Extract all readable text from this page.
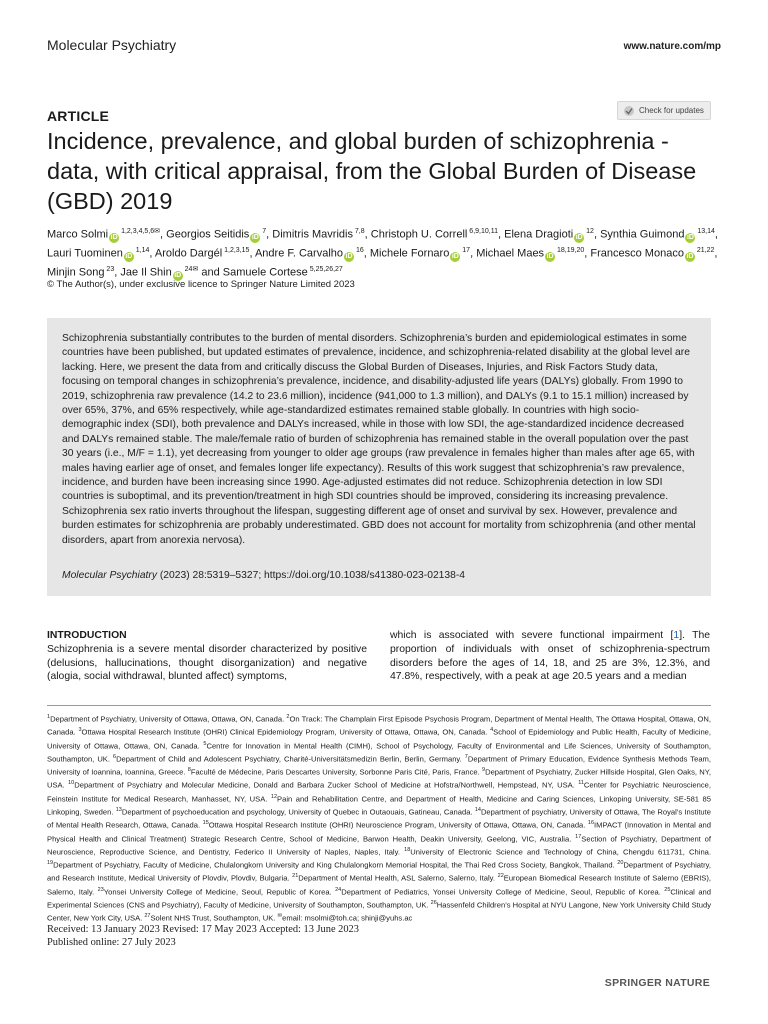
Molecular Psychiatry	www.nature.com/mp
ARTICLE	Check for updates
Incidence, prevalence, and global burden of schizophrenia - data, with critical appraisal, from the Global Burden of Disease (GBD) 2019
Marco Solmi iD $^{1,2,3,4,5,6✉}$, Georgios Seitidis iD $^7$, Dimitris Mavridis $^{7,8}$, Christoph U. Correll $^{6,9,10,11}$, Elena Dragioti iD $^{12}$, Synthia Guimond iD $^{13,14}$, Lauri Tuominen iD $^{1,14}$, Aroldo Dargél $^{1,2,3,15}$, Andre F. Carvalho iD $^{16}$, Michele Fornaro iD $^{17}$, Michael Maes iD $^{18,19,20}$, Francesco Monaco iD $^{21,22}$, Minjin Song $^{23}$, Jae Il Shin iD $^{24✉}$ and Samuele Cortese $^{5,25,26,27}$
© The Author(s), under exclusive licence to Springer Nature Limited 2023
Schizophrenia substantially contributes to the burden of mental disorders. Schizophrenia’s burden and epidemiological estimates in some countries have been published, but updated estimates of prevalence, incidence, and schizophrenia-related disability at the global level are lacking. Here, we present the data from and critically discuss the Global Burden of Diseases, Injuries, and Risk Factors Study data, focusing on temporal changes in schizophrenia’s prevalence, incidence, and disability-adjusted life years (DALYs) globally. From 1990 to 2019, schizophrenia raw prevalence (14.2 to 23.6 million), incidence (941,000 to 1.3 million), and DALYs (9.1 to 15.1 million) increased by over 65%, 37%, and 65% respectively, while age-standardized estimates remained stable globally. In countries with high socio-demographic index (SDI), both prevalence and DALYs increased, while in those with low SDI, the age-standardized incidence decreased and DALYs remained stable. The male/female ratio of burden of schizophrenia has remained stable in the overall population over the past 30 years (i.e., M/F = 1.1), yet decreasing from younger to older age groups (raw prevalence in females higher than males after age 65, with males having earlier age of onset, and females longer life expectancy). Results of this work suggest that schizophrenia’s raw prevalence, incidence, and burden have been increasing since 1990. Age-adjusted estimates did not reduce. Schizophrenia detection in low SDI countries is suboptimal, and its prevention/treatment in high SDI countries should be improved, considering its increasing prevalence. Schizophrenia sex ratio inverts throughout the lifespan, suggesting different age of onset and survival by sex. However, prevalence and burden estimates for schizophrenia are probably underestimated. GBD does not account for mortality from schizophrenia (and other mental disorders, apart from anorexia nervosa).
Molecular Psychiatry (2023) 28:5319–5327; https://doi.org/10.1038/s41380-023-02138-4
INTRODUCTION
Schizophrenia is a severe mental disorder characterized by positive (delusions, hallucinations, thought disorganization) and negative (alogia, social withdrawal, blunted affect) symptoms,
which is associated with severe functional impairment [1]. The proportion of individuals with onset of schizophrenia-spectrum disorders before the ages of 14, 18, and 25 are 3%, 12.3%, and 47.8%, respectively, with a peak at age 20.5 years and a median
$^1$Department of Psychiatry, University of Ottawa, Ottawa, ON, Canada. $^2$On Track: The Champlain First Episode Psychosis Program, Department of Mental Health, The Ottawa Hospital, Ottawa, ON, Canada. $^3$Ottawa Hospital Research Institute (OHRI) Clinical Epidemiology Program, University of Ottawa, Ottawa, ON, Canada. $^4$School of Epidemiology and Public Health, Faculty of Medicine, University of Ottawa, Ottawa, ON, Canada. $^5$Centre for Innovation in Mental Health (CIMH), School of Psychology, Faculty of Environmental and Life Sciences, University of Southampton, Southampton, UK. $^6$Department of Child and Adolescent Psychiatry, Charité-Universitätsmedizin Berlin, Berlin, Germany. $^7$Department of Primary Education, Evidence Synthesis Methods Team, University of Ioannina, Ioannina, Greece. $^8$Faculté de Médecine, Paris Descartes University, Sorbonne Paris Cité, Paris, France. $^9$Department of Psychiatry, Zucker Hillside Hospital, Glen Oaks, NY, USA. $^{10}$Department of Psychiatry and Molecular Medicine, Donald and Barbara Zucker School of Medicine at Hofstra/Northwell, Hempstead, NY, USA. $^{11}$Center for Psychiatric Neuroscience, Feinstein Institute for Medical Research, Manhasset, NY, USA. $^{12}$Pain and Rehabilitation Centre, and Department of Health, Medicine and Caring Sciences, Linkoping University, SE-581 85 Linkoping, Sweden. $^{13}$Department of psychoeducation and psychology, University of Quebec in Outaouais, Gatineau, Canada. $^{14}$Department of psychiatry, University of Ottawa, The Royal’s Institute of Mental Health Research, Ottawa, Canada. $^{15}$Ottawa Hospital Research Institute (OHRI) Neuroscience Program, University of Ottawa, Ottawa, ON, Canada. $^{16}$IMPACT (Innovation in Mental and Physical Health and Clinical Treatment) Strategic Research Centre, School of Medicine, Barwon Health, Deakin University, Geelong, VIC, Australia. $^{17}$Section of Psychiatry, Department of Neuroscience, Reproductive Science, and Dentistry, Federico II University of Naples, Naples, Italy. $^{18}$University of Electronic Science and Technology of China, Chengdu 611731, China. $^{19}$Department of Psychiatry, Faculty of Medicine, Chulalongkorn University and King Chulalongkorn Memorial Hospital, the Thai Red Cross Society, Bangkok, Thailand. $^{20}$Department of Psychiatry, and Research Institute, Medical University of Plovdiv, Plovdiv, Bulgaria. $^{21}$Department of Mental Health, ASL Salerno, Salerno, Italy. $^{22}$European Biomedical Research Institute of Salerno (EBRIS), Salerno, Italy. $^{23}$Yonsei University College of Medicine, Seoul, Republic of Korea. $^{24}$Department of Pediatrics, Yonsei University College of Medicine, Seoul, Republic of Korea. $^{25}$Clinical and Experimental Sciences (CNS and Psychiatry), Faculty of Medicine, University of Southampton, Southampton, UK. $^{26}$Hassenfeld Children’s Hospital at NYU Langone, New York University Child Study Center, New York City, USA. $^{27}$Solent NHS Trust, Southampton, UK. ✉email: msolmi@toh.ca; shinji@yuhs.ac
Received: 13 January 2023 Revised: 17 May 2023 Accepted: 13 June 2023
Published online: 27 July 2023
SPRINGER NATURE
